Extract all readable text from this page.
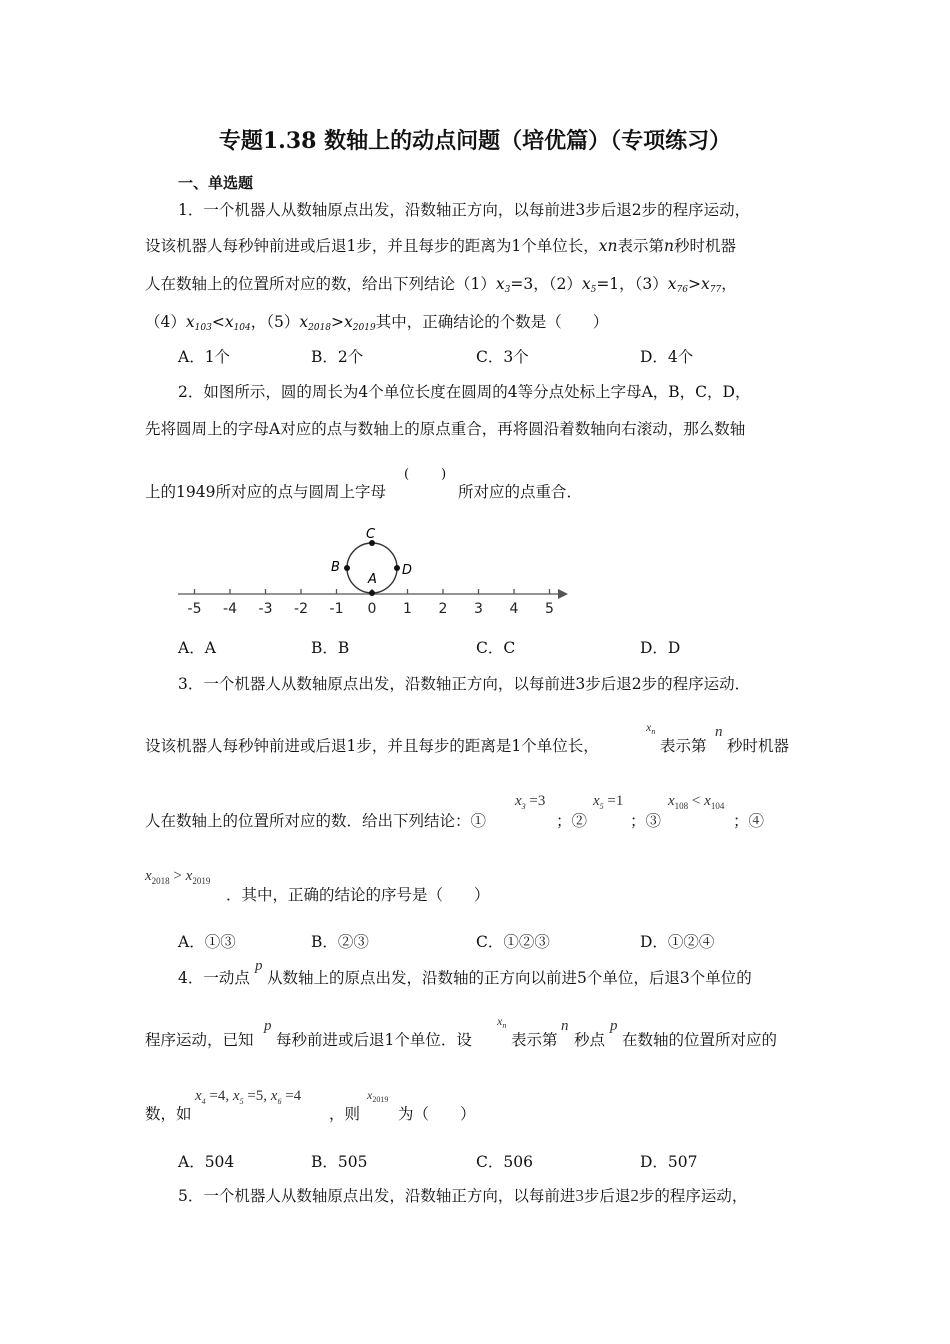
专题1.38 数轴上的动点问题（培优篇）（专项练习）
一、单选题
1．一个机器人从数轴原点出发，沿数轴正方向，以每前进3步后退2步的程序运动，
设该机器人每秒钟前进或后退1步，并且每步的距离为1个单位长，xn表示第n秒时机器
人在数轴上的位置所对应的数，给出下列结论$(1)x_3=3$，$(2)x_5=1$，$(3)x_{76}>x_{77}$，
$(4)x_{103}<x_{104}$，$(5)x_{2018}>x_{2019}$其中，正确结论的个数是（　　）
A．1个	B．2个	C．3个	D．4个
2．如图所示，圆的周长为4个单位长度在圆周的4等分点处标上字母A，B，C，D，
先将圆周上的字母A对应的点与数轴上的原点重合，再将圆沿着数轴向右滚动，那么数轴
上的1949所对应的点与圆周上字母
(　　)
所对应的点重合．
-5 -4 -3 -2 -1 0 1 2 3 4 5
A
B
C
D
A．A	B．B	C．C	D．D
3．一个机器人从数轴原点出发，沿数轴正方向，以每前进3步后退2步的程序运动．
设该机器人每秒钟前进或后退1步，并且每步的距离是1个单位长，
$x_n$
表示第
n
秒时机器
人在数轴上的位置所对应的数．给出下列结论：①
$x_3 =3$
；②
$x_5 =1$
；③
$x_{108} < x_{104}$
；④
$x_{2018} > x_{2019}$
．其中，正确的结论的序号是（　　）
A．①③	B．②③	C．①②③	D．①②④
4．一动点
p
从数轴上的原点出发，沿数轴的正方向以前进5个单位，后退3个单位的
程序运动，已知
p
每秒前进或后退1个单位．设
$x_n$
表示第
n
秒点
p
在数轴的位置所对应的
数，如
$x_4 =4$, $x_5 =5$, $x_6 =4$
，则
$x_{2019}$
为（　　）
A．504	B．505	C．506	D．507
5．一个机器人从数轴原点出发，沿数轴正方向，以每前进3步后退2步的程序运动，
